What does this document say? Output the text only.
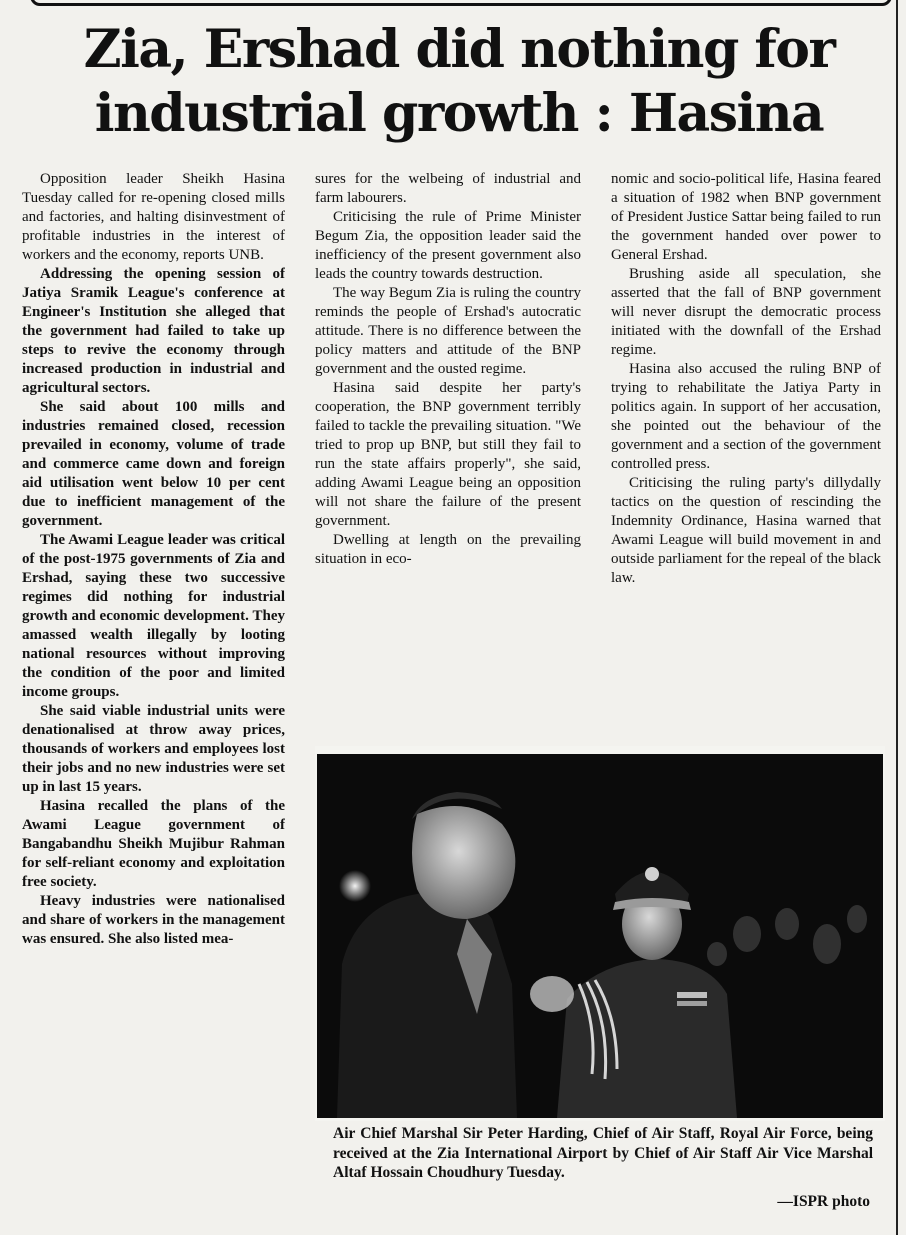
Zia, Ershad did nothing for industrial growth : Hasina

Opposition leader Sheikh Hasina Tuesday called for re-opening closed mills and factories, and halting disinvestment of profitable industries in the interest of workers and the economy, reports UNB.

Addressing the opening session of Jatiya Sramik League's conference at Engineer's Institution she alleged that the government had failed to take up steps to revive the economy through increased production in industrial and agricultural sectors.

She said about 100 mills and industries remained closed, recession prevailed in economy, volume of trade and commerce came down and foreign aid utilisation went below 10 per cent due to inefficient management of the government.

The Awami League leader was critical of the post-1975 governments of Zia and Ershad, saying these two successive regimes did nothing for industrial growth and economic development. They amassed wealth illegally by looting national resources without improving the condition of the poor and limited income groups.

She said viable industrial units were denationalised at throw away prices, thousands of workers and employees lost their jobs and no new industries were set up in last 15 years.

Hasina recalled the plans of the Awami League government of Bangabandhu Sheikh Mujibur Rahman for self-reliant economy and exploitation free society.

Heavy industries were nationalised and share of workers in the management was ensured. She also listed mea-

sures for the welbeing of industrial and farm labourers.

Criticising the rule of Prime Minister Begum Zia, the opposition leader said the inefficiency of the present government also leads the country towards destruction.

The way Begum Zia is ruling the country reminds the people of Ershad's autocratic attitude. There is no difference between the policy matters and attitude of the BNP government and the ousted regime.

Hasina said despite her party's cooperation, the BNP government terribly failed to tackle the prevailing situation. "We tried to prop up BNP, but still they fail to run the state affairs properly", she said, adding Awami League being an opposition will not share the failure of the present government.

Dwelling at length on the prevailing situation in eco-

nomic and socio-political life, Hasina feared a situation of 1982 when BNP government of President Justice Sattar being failed to run the government handed over power to General Ershad.

Brushing aside all speculation, she asserted that the fall of BNP government will never disrupt the democratic process initiated with the downfall of the Ershad regime.

Hasina also accused the ruling BNP of trying to rehabilitate the Jatiya Party in politics again. In support of her accusation, she pointed out the behaviour of the government and a section of the government controlled press.

Criticising the ruling party's dillydally tactics on the question of rescinding the Indemnity Ordinance, Hasina warned that Awami League will build movement in and outside parliament for the repeal of the black law.

Air Chief Marshal Sir Peter Harding, Chief of Air Staff, Royal Air Force, being received at the Zia International Airport by Chief of Air Staff Air Vice Marshal Altaf Hossain Choudhury Tuesday.

—ISPR photo
